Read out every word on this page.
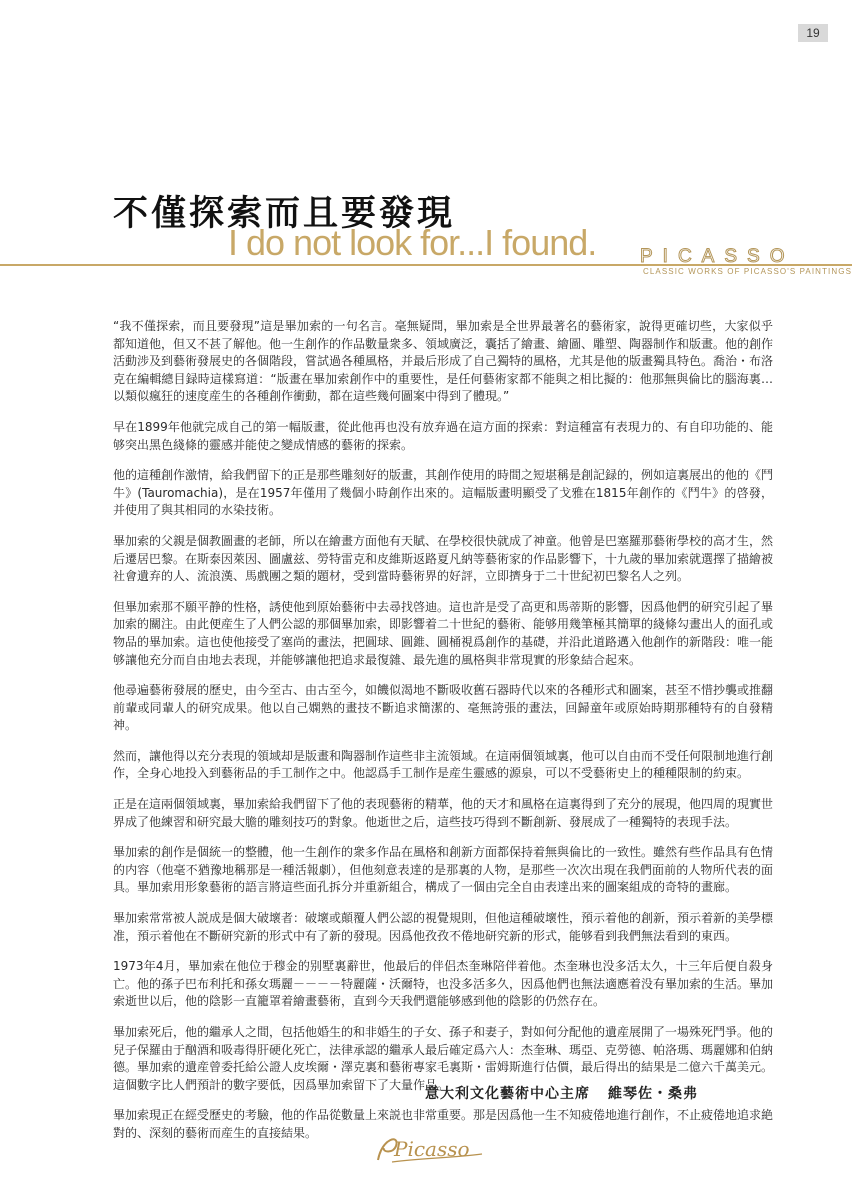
19
不僅探索而且要發現
I do not look for...I found. PICASSO
CLASSIC WORKS OF PICASSO'S PAINTINGS

“我不僅探索，而且要發現”這是畢加索的一句名言。毫無疑問，畢加索是全世界最著名的藝術家，說得更確切些，大家似乎都知道他，但又不甚了解他。他一生創作的作品數量衆多、領域廣泛，囊括了繪畫、繪圖、雕塑、陶器制作和版畫。他的創作活動涉及到藝術發展史的各個階段，嘗試過各種風格，并最后形成了自己獨特的風格，尤其是他的版畫獨具特色。喬治・布洛克在編輯總目録時這樣寫道：“版畫在畢加索創作中的重要性，是任何藝術家都不能與之相比擬的：他那無與倫比的腦海裏…以類似瘋狂的速度産生的各種創作衝動，都在這些幾何圖案中得到了體現。”

早在1899年他就完成自己的第一幅版畫，從此他再也没有放弃過在這方面的探索：對這種富有表現力的、有自印功能的、能够突出黑色綫條的靈感并能使之變成情感的藝術的探索。

他的這種創作激情，給我們留下的正是那些雕刻好的版畫，其創作使用的時間之短堪稱是創記録的，例如這裏展出的他的《鬥牛》(Tauromachia)，是在1957年僅用了幾個小時創作出來的。這幅版畫明顯受了戈雅在1815年創作的《鬥牛》的啓發，并使用了與其相同的水染技術。

畢加索的父親是個教圖畫的老師，所以在繪畫方面他有天賦、在學校很快就成了神童。他曾是巴塞羅那藝術學校的高才生，然后遷居巴黎。在斯泰因萊因、圖盧兹、勞特雷克和皮維斯返路夏凡納等藝術家的作品影響下，十九歲的畢加索就選擇了描繪被社會遺弃的人、流浪漢、馬戲團之類的題材，受到當時藝術界的好評，立即擠身于二十世紀初巴黎名人之列。

但畢加索那不願平静的性格，誘使他到原始藝術中去尋找啓迪。這也許是受了高更和馬蒂斯的影響，因爲他們的研究引起了畢加索的關注。由此便産生了人們公認的那個畢加索，即影響着二十世紀的藝術、能够用幾筆極其簡單的綫條勾畫出人的面孔或物品的畢加索。這也使他接受了塞尚的畫法，把圓球、圓錐、圓桶視爲創作的基礎，并沿此道路邁入他創作的新階段：唯一能够讓他充分而自由地去表现，并能够讓他把追求最復雜、最先進的風格與非常現實的形象結合起來。

他尋遍藝術發展的歷史，由今至古、由古至今，如饑似渴地不斷吸收舊石器時代以來的各種形式和圖案，甚至不惜抄襲或推翻前輩或同輩人的研究成果。他以自己嫻熟的畫技不斷追求簡潔的、毫無誇張的畫法，回歸童年或原始時期那種特有的自發精神。

然而，讓他得以充分表現的領域却是版畫和陶器制作這些非主流領域。在這兩個領域裏，他可以自由而不受任何限制地進行創作，全身心地投入到藝術品的手工制作之中。他認爲手工制作是産生靈感的源泉，可以不受藝術史上的種種限制的約束。

正是在這兩個領域裏，畢加索給我們留下了他的表现藝術的精華，他的天才和風格在這裏得到了充分的展現，他四周的現實世界成了他練習和研究最大膽的雕刻技巧的對象。他逝世之后，這些技巧得到不斷創新、發展成了一種獨特的表现手法。

畢加索的創作是個統一的整體，他一生創作的衆多作品在風格和創新方面都保持着無與倫比的一致性。雖然有些作品具有色情的内容（他毫不猶豫地稱那是一種活報劇），但他刻意表達的是那裏的人物，是那些一次次出現在我們面前的人物所代表的面具。畢加索用形象藝術的語言將這些面孔拆分并重新組合，構成了一個由完全自由表達出来的圖案組成的奇特的畫廊。

畢加索常常被人説成是個大破壞者：破壞或顛覆人們公認的視覺規則，但他這種破壞性，預示着他的創新，預示着新的美學標准，預示着他在不斷研究新的形式中有了新的發現。因爲他孜孜不倦地研究新的形式，能够看到我們無法看到的東西。

1973年4月，畢加索在他位于穆金的别墅裏辭世，他最后的伴侣杰奎琳陪伴着他。杰奎琳也没多活太久，十三年后便自殺身亡。他的孫子巴布利托和孫女瑪麗－－－－特麗薩・沃爾特，也没多活多久，因爲他們也無法適應着没有畢加索的生活。畢加索逝世以后，他的陰影一直籠罩着繪畫藝術，直到今天我們還能够感到他的陰影的仍然存在。

畢加索死后，他的繼承人之間，包括他婚生的和非婚生的子女、孫子和妻子，對如何分配他的遺産展開了一場殊死鬥爭。他的兒子保羅由于酗酒和吸毒得肝硬化死亡，法律承認的繼承人最后確定爲六人：杰奎琳、瑪亞、克勞德、帕洛瑪、瑪麗娜和伯納德。畢加索的遺産曾委托給公證人皮埃爾・澤克裏和藝術專家毛裏斯・雷姆斯進行估價，最后得出的結果是二億六千萬美元。這個數字比人們預計的數字要低，因爲畢加索留下了大量作品。

畢加索現正在經受歷史的考驗，他的作品從數量上來説也非常重要。那是因爲他一生不知疲倦地進行創作，不止疲倦地追求絶對的、深刻的藝術而産生的直接結果。

意大利文化藝術中心主席 維琴佐・桑弗
Picasso
